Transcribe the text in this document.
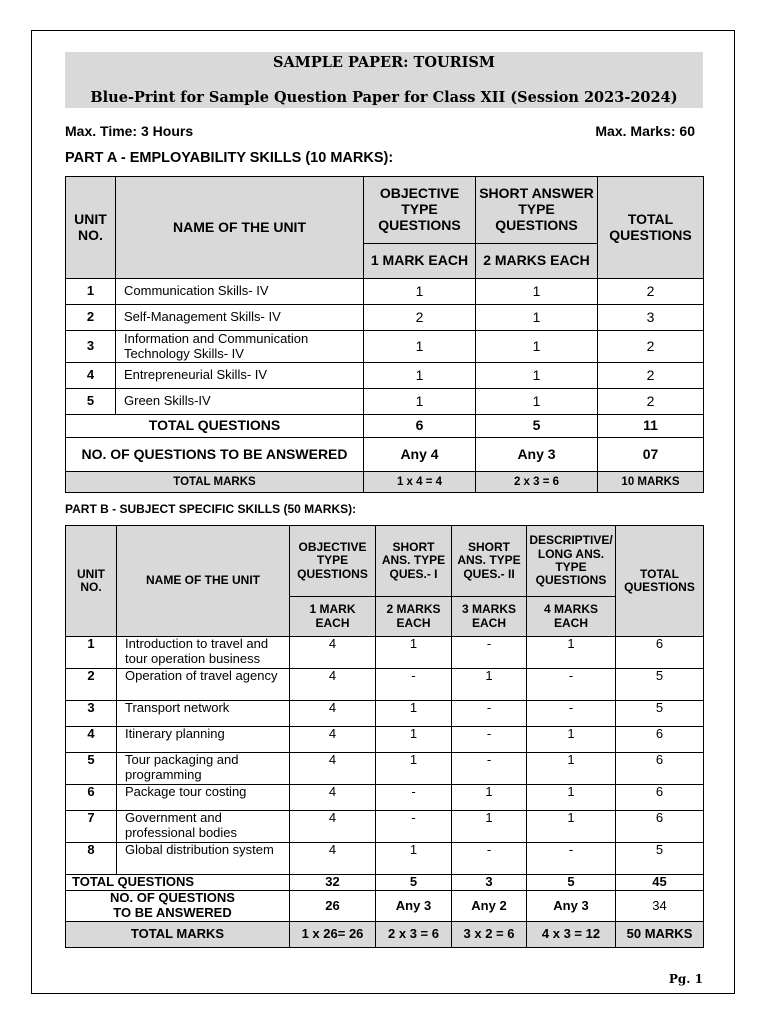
SAMPLE PAPER: TOURISM
Blue-Print for Sample Question Paper for Class XII (Session 2023-2024)
Max. Time: 3 Hours	Max. Marks: 60
PART A - EMPLOYABILITY SKILLS (10 MARKS):
UNIT NO.	NAME OF THE UNIT	OBJECTIVE TYPE QUESTIONS	SHORT ANSWER TYPE QUESTIONS	TOTAL QUESTIONS
		1 MARK EACH	2 MARKS EACH	
1	Communication Skills- IV	1	1	2
2	Self-Management Skills- IV	2	1	3
3	Information and Communication Technology Skills- IV	1	1	2
4	Entrepreneurial Skills- IV	1	1	2
5	Green Skills-IV	1	1	2
TOTAL QUESTIONS		6	5	11
NO. OF QUESTIONS TO BE ANSWERED		Any 4	Any 3	07
TOTAL MARKS		1 x 4 = 4	2 x 3 = 6	10 MARKS
PART B - SUBJECT SPECIFIC SKILLS (50 MARKS):
UNIT NO.	NAME OF THE UNIT	OBJECTIVE TYPE QUESTIONS	SHORT ANS. TYPE QUES.- I	SHORT ANS. TYPE QUES.- II	DESCRIPTIVE/ LONG ANS. TYPE QUESTIONS	TOTAL QUESTIONS
		1 MARK EACH	2 MARKS EACH	3 MARKS EACH	4 MARKS EACH	
1	Introduction to travel and tour operation business	4	1	-	1	6
2	Operation of travel agency	4	-	1	-	5
3	Transport network	4	1	-	-	5
4	Itinerary planning	4	1	-	1	6
5	Tour packaging and programming	4	1	-	1	6
6	Package tour costing	4	-	1	1	6
7	Government and professional bodies	4	-	1	1	6
8	Global distribution system	4	1	-	-	5
TOTAL QUESTIONS		32	5	3	5	45
NO. OF QUESTIONS TO BE ANSWERED		26	Any 3	Any 2	Any 3	34
TOTAL MARKS		1 x 26= 26	2 x 3 = 6	3 x 2 = 6	4 x 3 = 12	50 MARKS
Pg. 1
